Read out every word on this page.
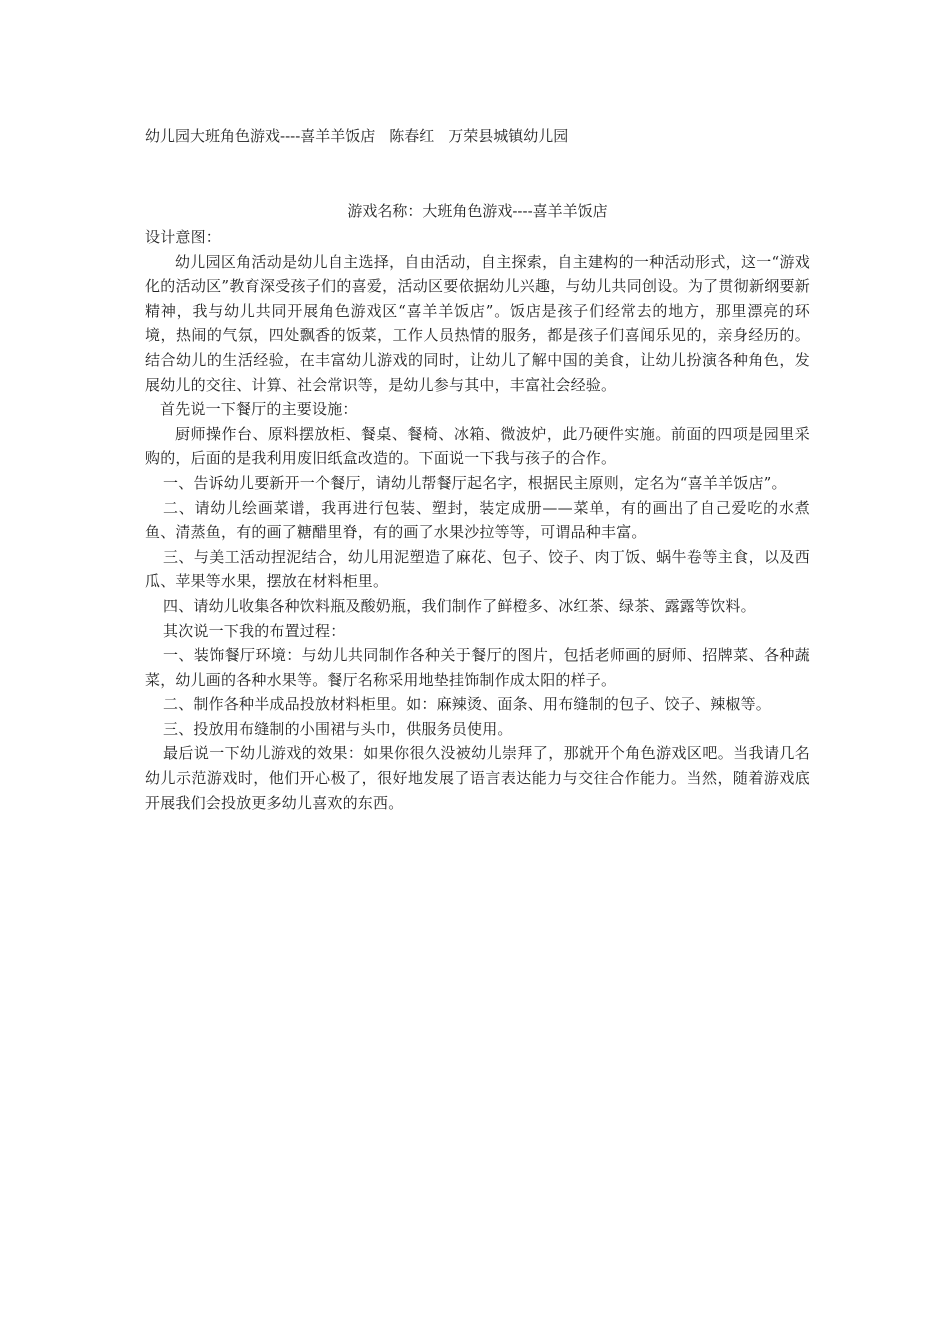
幼儿园大班角色游戏----喜羊羊饭店 陈春红 万荣县城镇幼儿园
游戏名称：大班角色游戏----喜羊羊饭店

设计意图：

幼儿园区角活动是幼儿自主选择，自由活动，自主探索，自主建构的一种活动形式，这一“游戏化的活动区”教育深受孩子们的喜爱，活动区要依据幼儿兴趣，与幼儿共同创设。为了贯彻新纲要新精神，我与幼儿共同开展角色游戏区“喜羊羊饭店”。饭店是孩子们经常去的地方，那里漂亮的环境，热闹的气氛，四处飘香的饭菜，工作人员热情的服务，都是孩子们喜闻乐见的，亲身经历的。结合幼儿的生活经验，在丰富幼儿游戏的同时，让幼儿了解中国的美食，让幼儿扮演各种角色，发展幼儿的交往、计算、社会常识等，是幼儿参与其中，丰富社会经验。

首先说一下餐厅的主要设施：

厨师操作台、原料摆放柜、餐桌、餐椅、冰箱、微波炉，此乃硬件实施。前面的四项是园里采购的，后面的是我利用废旧纸盒改造的。下面说一下我与孩子的合作。

一、告诉幼儿要新开一个餐厅，请幼儿帮餐厅起名字，根据民主原则，定名为“喜羊羊饭店”。

二、请幼儿绘画菜谱，我再进行包装、塑封，装定成册——菜单，有的画出了自己爱吃的水煮鱼、清蒸鱼，有的画了糖醋里脊，有的画了水果沙拉等等，可谓品种丰富。

三、与美工活动捏泥结合，幼儿用泥塑造了麻花、包子、饺子、肉丁饭、蜗牛卷等主食，以及西瓜、苹果等水果，摆放在材料柜里。

四、请幼儿收集各种饮料瓶及酸奶瓶，我们制作了鲜橙多、冰红茶、绿茶、露露等饮料。

其次说一下我的布置过程：

一、装饰餐厅环境：与幼儿共同制作各种关于餐厅的图片，包括老师画的厨师、招牌菜、各种蔬菜，幼儿画的各种水果等。餐厅名称采用地垫挂饰制作成太阳的样子。

二、制作各种半成品投放材料柜里。如：麻辣烫、面条、用布缝制的包子、饺子、辣椒等。

三、投放用布缝制的小围裙与头巾，供服务员使用。

最后说一下幼儿游戏的效果：如果你很久没被幼儿崇拜了，那就开个角色游戏区吧。当我请几名幼儿示范游戏时，他们开心极了，很好地发展了语言表达能力与交往合作能力。当然，随着游戏底开展我们会投放更多幼儿喜欢的东西。
